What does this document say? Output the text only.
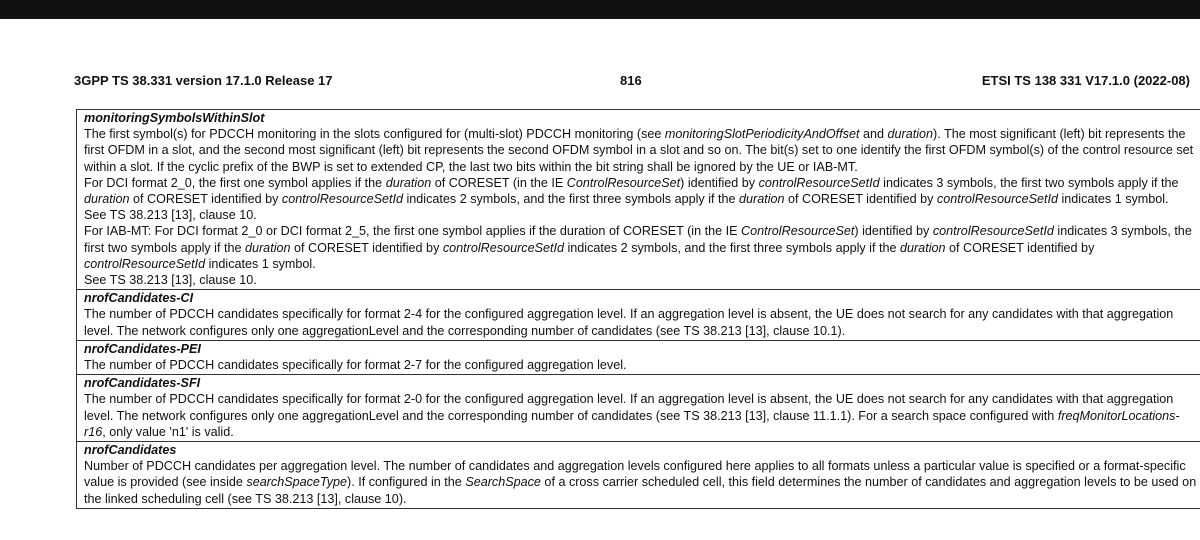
3GPP TS 38.331 version 17.1.0 Release 17	816	ETSI TS 138 331 V17.1.0 (2022-08)

monitoringSymbolsWithinSlot

The first symbol(s) for PDCCH monitoring in the slots configured for (multi-slot) PDCCH monitoring (see monitoringSlotPeriodicityAndOffset and duration). The most significant (left) bit represents the first OFDM in a slot, and the second most significant (left) bit represents the second OFDM symbol in a slot and so on. The bit(s) set to one identify the first OFDM symbol(s) of the control resource set within a slot. If the cyclic prefix of the BWP is set to extended CP, the last two bits within the bit string shall be ignored by the UE or IAB-MT.

For DCI format 2_0, the first one symbol applies if the duration of CORESET (in the IE ControlResourceSet) identified by controlResourceSetId indicates 3 symbols, the first two symbols apply if the duration of CORESET identified by controlResourceSetId indicates 2 symbols, and the first three symbols apply if the duration of CORESET identified by controlResourceSetId indicates 1 symbol.

See TS 38.213 [13], clause 10.

For IAB-MT: For DCI format 2_0 or DCI format 2_5, the first one symbol applies if the duration of CORESET (in the IE ControlResourceSet) identified by controlResourceSetId indicates 3 symbols, the first two symbols apply if the duration of CORESET identified by controlResourceSetId indicates 2 symbols, and the first three symbols apply if the duration of CORESET identified by controlResourceSetId indicates 1 symbol.

See TS 38.213 [13], clause 10.

nrofCandidates-CI

The number of PDCCH candidates specifically for format 2-4 for the configured aggregation level. If an aggregation level is absent, the UE does not search for any candidates with that aggregation level. The network configures only one aggregationLevel and the corresponding number of candidates (see TS 38.213 [13], clause 10.1).

nrofCandidates-PEI

The number of PDCCH candidates specifically for format 2-7 for the configured aggregation level.

nrofCandidates-SFI

The number of PDCCH candidates specifically for format 2-0 for the configured aggregation level. If an aggregation level is absent, the UE does not search for any candidates with that aggregation level. The network configures only one aggregationLevel and the corresponding number of candidates (see TS 38.213 [13], clause 11.1.1). For a search space configured with freqMonitorLocations-r16, only value 'n1' is valid.

nrofCandidates

Number of PDCCH candidates per aggregation level. The number of candidates and aggregation levels configured here applies to all formats unless a particular value is specified or a format-specific value is provided (see inside searchSpaceType). If configured in the SearchSpace of a cross carrier scheduled cell, this field determines the number of candidates and aggregation levels to be used on the linked scheduling cell (see TS 38.213 [13], clause 10).
